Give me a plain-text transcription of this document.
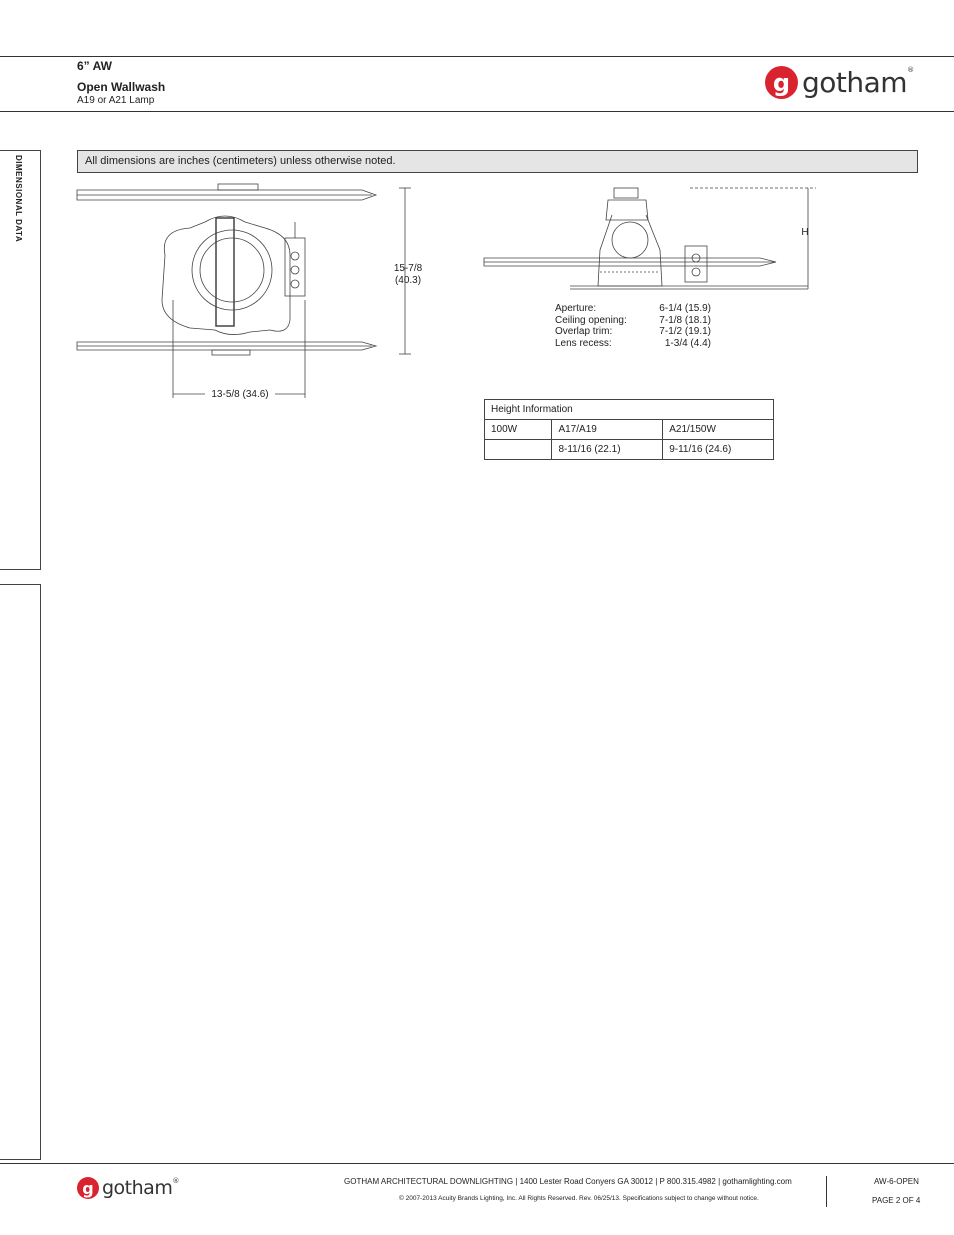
6” AW
Open Wallwash
A19 or A21 Lamp
g gotham®
DIMENSIONAL DATA	All dimensions are inches (centimeters) unless otherwise noted.
15-7/8
(40.3)
13-5/8 (34.6)
H
Aperture:	6-1/4 (15.9)
Ceiling opening:	7-1/8 (18.1)
Overlap trim:	7-1/2 (19.1)
Lens recess:	1-3/4 (4.4)
Height Information		
100W	A17/A19	A21/150W
	8-11/16 (22.1)	9-11/16 (24.6)
g gotham®	GOTHAM ARCHITECTURAL DOWNLIGHTING | 1400 Lester Road Conyers GA 30012 | P 800.315.4982 | gothamlighting.com
© 2007-2013 Acuity Brands Lighting, Inc. All Rights Reserved. Rev. 06/25/13. Specifications subject to change without notice.
AW-6-OPEN
PAGE 2 OF 4
